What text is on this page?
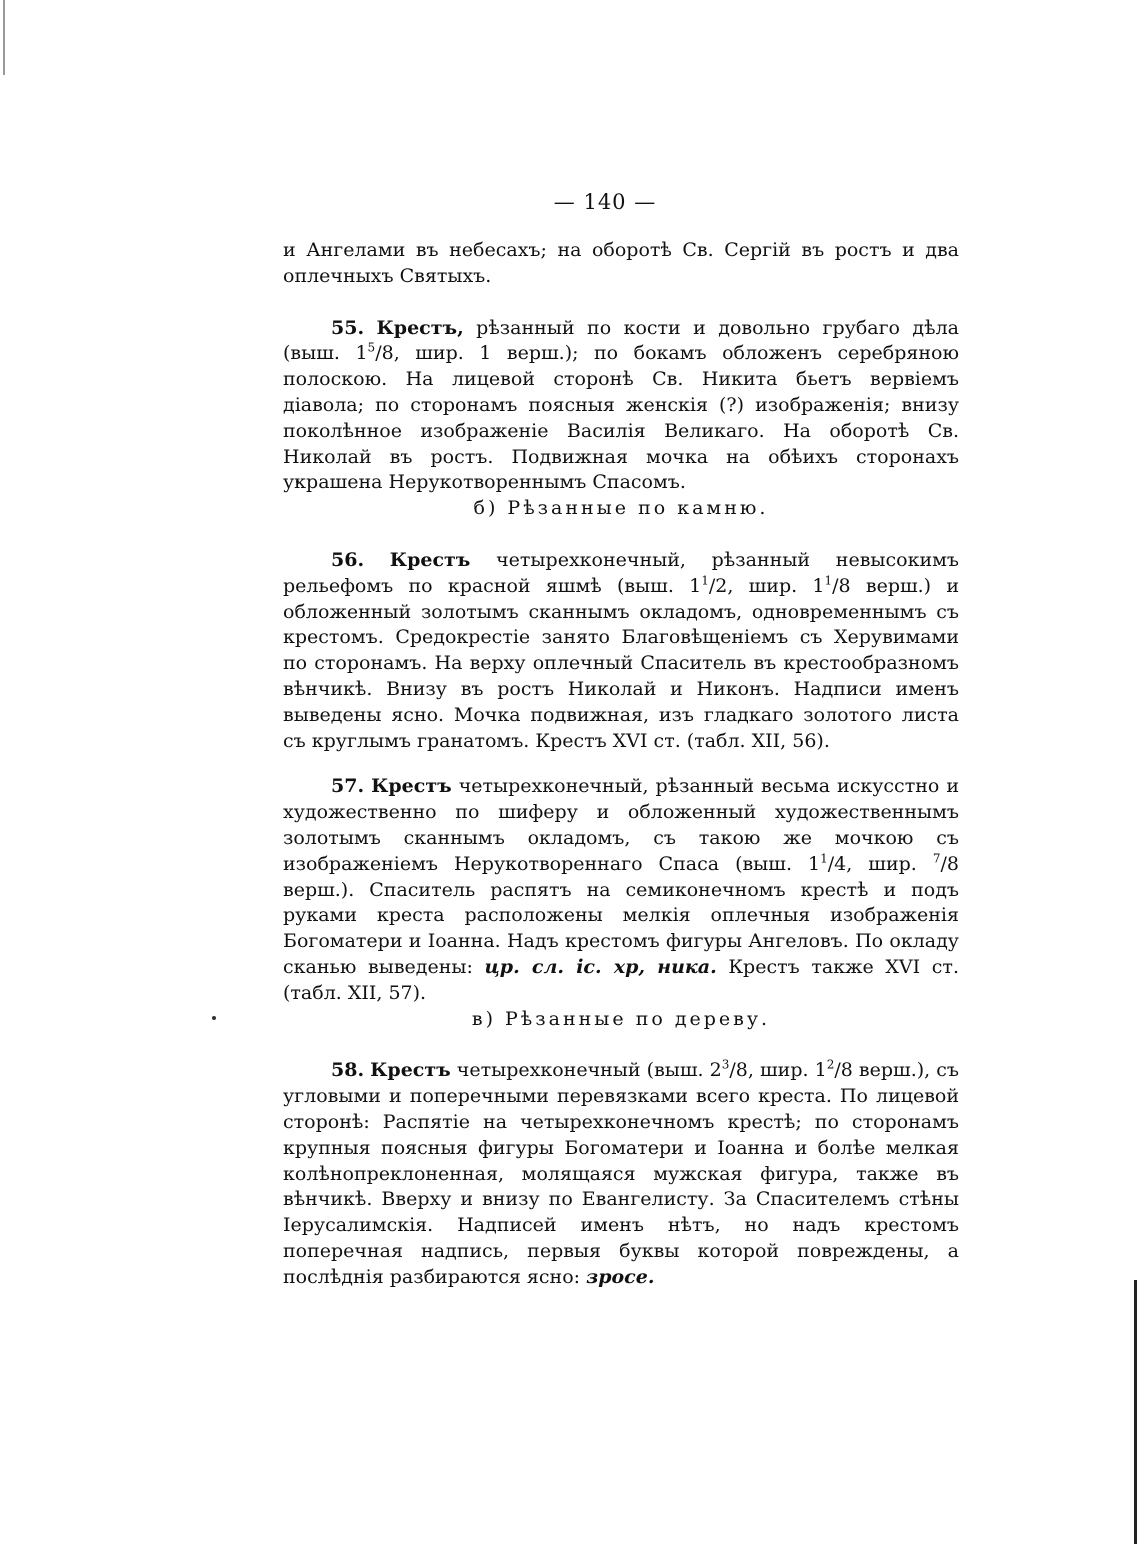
— 140 —

и Ангелами въ небесахъ; на оборотѣ Св. Сергій въ ростъ и два оплечныхъ Святыхъ.

55. Крестъ, рѣзанный по кости и довольно грубаго дѣла (выш. $1^5/8$, шир. 1 верш.); по бокамъ обложенъ серебряною полоскою. На лицевой сторонѣ Св. Никита бьетъ вервіемъ діавола; по сторонамъ поясныя женскія (?) изображенія; внизу поколѣнное изображеніе Василія Великаго. На оборотѣ Св. Николай въ ростъ. Подвижная мочка на обѣихъ сторонахъ украшена Нерукотвореннымъ Спасомъ.

б) Рѣзанные по камню.

56. Крестъ четырехконечный, рѣзанный невысокимъ рельефомъ по красной яшмѣ (выш. $1^1/2$, шир. $1^1/8$ верш.) и обложенный золотымъ сканнымъ окладомъ, одновременнымъ съ крестомъ. Средокрестіе занято Благовѣщеніемъ съ Херувимами по сторонамъ. На верху оплечный Спаситель въ крестообразномъ вѣнчикѣ. Внизу въ ростъ Николай и Никонъ. Надписи именъ выведены ясно. Мочка подвижная, изъ гладкаго золотого листа съ круглымъ гранатомъ. Крестъ XVI ст. (табл. XII, 56).

57. Крестъ четырехконечный, рѣзанный весьма искусстно и художественно по шиферу и обложенный художественнымъ золотымъ сканнымъ окладомъ, съ такою же мочкою съ изображеніемъ Нерукотвореннаго Спаса (выш. $1^1/4$, шир. $^7$/8 верш.). Спаситель распятъ на семиконечномъ крестѣ и подъ руками креста расположены мелкія оплечныя изображенія Богоматери и Іоанна. Надъ крестомъ фигуры Ангеловъ. По окладу сканью выведены: цр. сл. іс. хр, ника. Крестъ также XVI ст. (табл. XII, 57).

в) Рѣзанные по дереву.

58. Крестъ четырехконечный (выш. $2^3/8$, шир. $1^2/8$ верш.), съ угловыми и поперечными перевязками всего креста. По лицевой сторонѣ: Распятіе на четырехконечномъ крестѣ; по сторонамъ крупныя поясныя фигуры Богоматери и Іоанна и болѣе мелкая колѣнопреклоненная, молящаяся мужская фигура, также въ вѣнчикѣ. Вверху и внизу по Евангелисту. За Спасителемъ стѣны Іерусалимскія. Надписей именъ нѣтъ, но надъ крестомъ поперечная надпись, первыя буквы которой повреждены, а послѣднія разбираются ясно: зросе.
